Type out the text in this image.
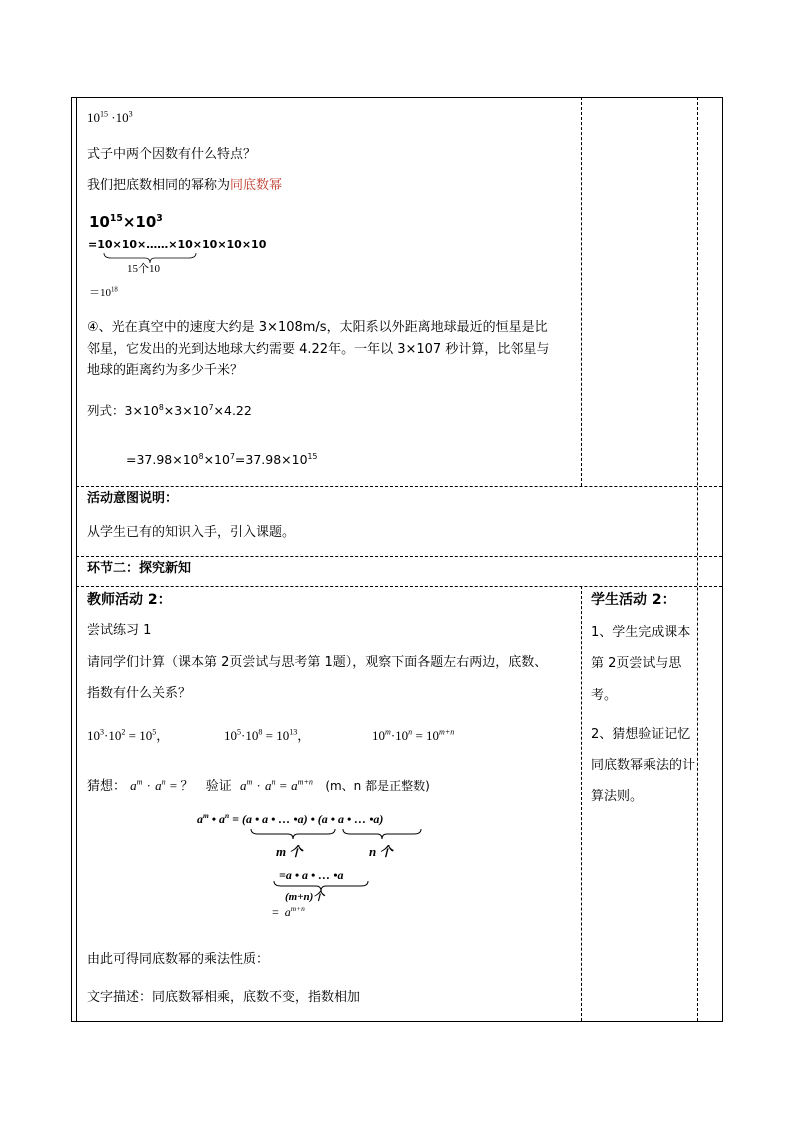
$10^{15} \cdot 10^3$
式子中两个因数有什么特点？
我们把底数相同的幂称为同底数幂
$10^{15}\times 10^3$
=10×10×……×10×10×10×10
15个10
$=10^{18}$
④、光在真空中的速度大约是 3×108m/s，太阳系以外距离地球最近的恒星是比
邻星，它发出的光到达地球大约需要 4.22年。一年以 3×107 秒计算，比邻星与
地球的距离约为多少千米？
列式：$3\times 10^8\times 3\times 10^7\times 4.22$
$=37.98\times 10^8\times 10^7=37.98\times 10^{15}$
活动意图说明：
从学生已有的知识入手，引入课题。
环节二：探究新知
教师活动 2：
尝试练习 1
请同学们计算（课本第 2页尝试与思考第 1题），观察下面各题左右两边，底数、
指数有什么关系？
$10^3\cdot 10^2 = 10^5$，	$10^5\cdot 10^8 = 10^{13}$，	$10^m\cdot 10^n = 10^{m+n}$
猜想： $a^m \cdot a^n$ = ？ 验证 $a^m \cdot a^n = a^{m+n}$ (m、n 都是正整数)
$a^m$ • $a^n = (a$ • a • … •a) • (a • a • … •a)
m 个	n 个
=a • a • … •a
(m+n)个
= $a^{m+n}$
由此可得同底数幂的乘法性质：
文字描述：同底数幂相乘，底数不变，指数相加
学生活动 2：
1、学生完成课本
第 2页尝试与思
考。
2、猜想验证记忆
同底数幂乘法的计
算法则。
